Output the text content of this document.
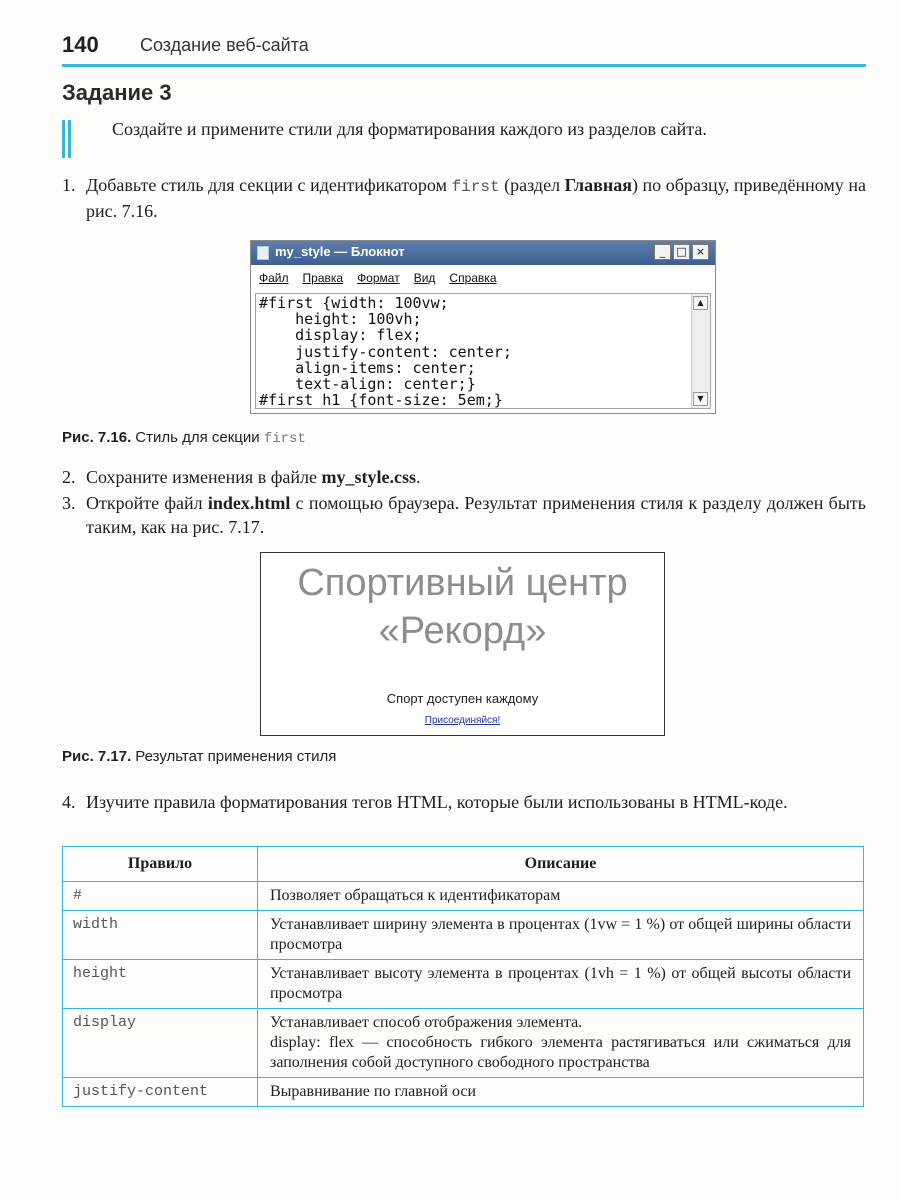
140 Создание веб-сайта
Задание 3
Создайте и примените стили для форматирования каждого из разделов сайта.
1. Добавьте стиль для секции с идентификатором first (раздел Главная) по образцу, приведённому на рис. 7.16.
my_style — Блокнот	_	□ ×
Файл Правка Формат Вид Справка
#first {width: 100vw;
height: 100vh;
display: flex;
justify-content: center;
align-items: center;
text-align: center;}
#first h1 {font-size: 5em;}
▲
▼
Рис. 7.16. Стиль для секции first
2. Сохраните изменения в файле my_style.css.
3. Откройте файл index.html с помощью браузера. Результат применения стиля к разделу должен быть таким, как на рис. 7.17.
Спортивный центр
«Рекорд»
Спорт доступен каждому
Присоединяйся!
Рис. 7.17. Результат применения стиля
4. Изучите правила форматирования тегов HTML, которые были использованы в HTML-коде.
Правило	Описание
#	Позволяет обращаться к идентификаторам

width	Устанавливает ширину элемента в процентах (1vw = 1 %) от общей ширины области просмотра

height	Устанавливает высоту элемента в процентах (1vh = 1 %) от общей высоты области просмотра

display	Устанавливает способ отображения элемента.
display: flex — способность гибкого элемента растягиваться или сжиматься для заполнения собой доступного свободного пространства

justify-content	Выравнивание по главной оси
